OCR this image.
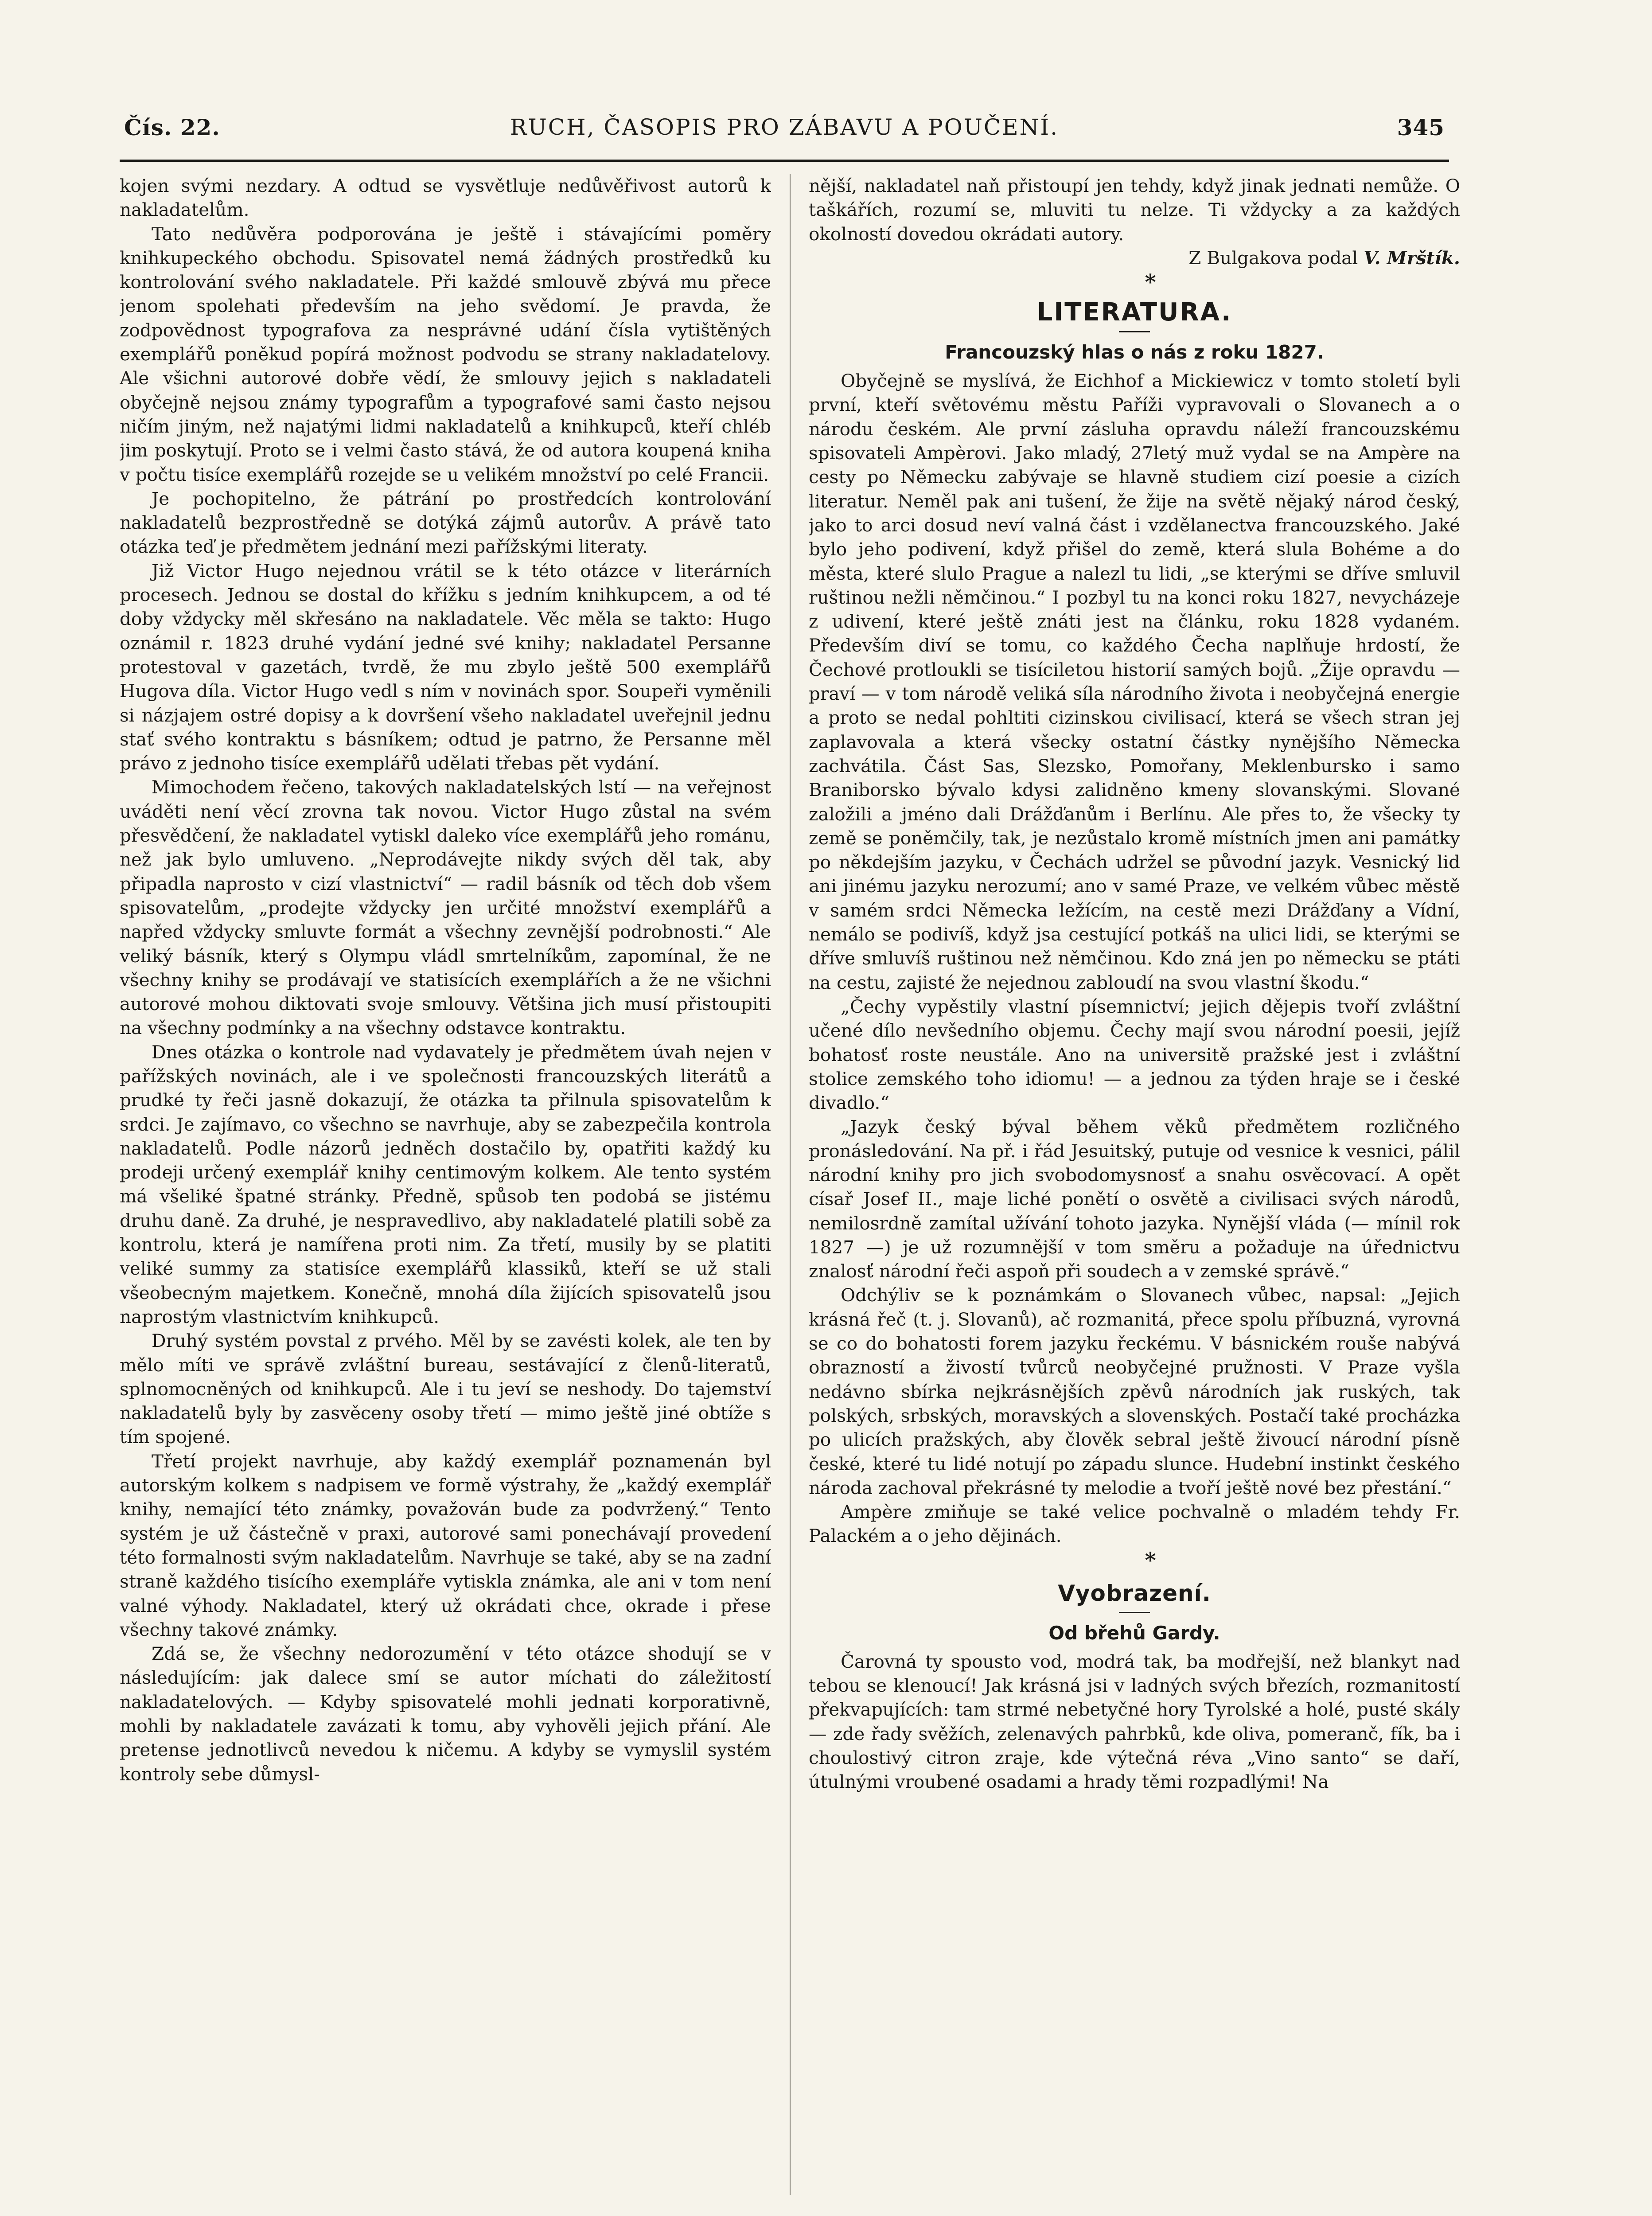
Čís. 22.	RUCH, ČASOPIS PRO ZÁBAVU A POUČENÍ.	345

kojen svými nezdary. A odtud se vysvětluje nedůvěřivost autorů k nakladatelům.

Tato nedůvěra podporována je ještě i stávajícími poměry knihkupeckého obchodu. Spisovatel nemá žádných prostředků ku kontrolování svého nakladatele. Při každé smlouvě zbývá mu přece jenom spolehati především na jeho svědomí. Je pravda, že zodpovědnost typografova za nesprávné udání čísla vytištěných exemplářů poněkud popírá možnost podvodu se strany nakladatelovy. Ale všichni autorové dobře vědí, že smlouvy jejich s nakladateli obyčejně nejsou známy typografům a typografové sami často nejsou ničím jiným, než najatými lidmi nakladatelů a knihkupců, kteří chléb jim poskytují. Proto se i velmi často stává, že od autora koupená kniha v počtu tisíce exemplářů rozejde se u velikém množství po celé Francii.

Je pochopitelno, že pátrání po prostředcích kontrolování nakladatelů bezprostředně se dotýká zájmů autorův. A právě tato otázka teď je předmětem jednání mezi pařížskými literaty.

Již Victor Hugo nejednou vrátil se k této otázce v literárních procesech. Jednou se dostal do křížku s jedním knihkupcem, a od té doby vždycky měl skřesáno na nakladatele. Věc měla se takto: Hugo oznámil r. 1823 druhé vydání jedné své knihy; nakladatel Persanne protestoval v gazetách, tvrdě, že mu zbylo ještě 500 exemplářů Hugova díla. Victor Hugo vedl s ním v novinách spor. Soupeři vyměnili si názjajem ostré dopisy a k dovršení všeho nakladatel uveřejnil jednu stať svého kontraktu s básníkem; odtud je patrno, že Persanne měl právo z jednoho tisíce exemplářů udělati třebas pět vydání.

Mimochodem řečeno, takových nakladatelských lstí — na veřejnost uváděti není věcí zrovna tak novou. Victor Hugo zůstal na svém přesvědčení, že nakladatel vytiskl daleko více exemplářů jeho románu, než jak bylo umluveno. „Neprodávejte nikdy svých děl tak, aby připadla naprosto v cizí vlastnictví“ — radil básník od těch dob všem spisovatelům, „prodejte vždycky jen určité množství exemplářů a napřed vždycky smluvte formát a všechny zevnější podrobnosti.“ Ale veliký básník, který s Olympu vládl smrtelníkům, zapomínal, že ne všechny knihy se prodávají ve statisících exemplářích a že ne všichni autorové mohou diktovati svoje smlouvy. Většina jich musí přistoupiti na všechny podmínky a na všechny odstavce kontraktu.

Dnes otázka o kontrole nad vydavately je předmětem úvah nejen v pařížských novinách, ale i ve společnosti francouzských literátů a prudké ty řeči jasně dokazují, že otázka ta přilnula spisovatelům k srdci. Je zajímavo, co všechno se navrhuje, aby se zabezpečila kontrola nakladatelů. Podle názorů jedněch dostačilo by, opatřiti každý ku prodeji určený exemplář knihy centimovým kolkem. Ale tento systém má všeliké špatné stránky. Předně, spůsob ten podobá se jistému druhu daně. Za druhé, je nespravedlivo, aby nakladatelé platili sobě za kontrolu, která je namířena proti nim. Za třetí, musily by se platiti veliké summy za statisíce exemplářů klassiků, kteří se už stali všeobecným majetkem. Konečně, mnohá díla žijících spisovatelů jsou naprostým vlastnictvím knihkupců.

Druhý systém povstal z prvého. Měl by se zavésti kolek, ale ten by mělo míti ve správě zvláštní bureau, sestávající z členů-literatů, splnomocněných od knihkupců. Ale i tu jeví se neshody. Do tajemství nakladatelů byly by zasvěceny osoby třetí — mimo ještě jiné obtíže s tím spojené.

Třetí projekt navrhuje, aby každý exemplář poznamenán byl autorským kolkem s nadpisem ve formě výstrahy, že „každý exemplář knihy, nemající této známky, považován bude za podvržený.“ Tento systém je už částečně v praxi, autorové sami ponechávají provedení této formalnosti svým nakladatelům. Navrhuje se také, aby se na zadní straně každého tisícího exempláře vytiskla známka, ale ani v tom není valné výhody. Nakladatel, který už okrádati chce, okrade i přese všechny takové známky.

Zdá se, že všechny nedorozumění v této otázce shodují se v následujícím: jak dalece smí se autor míchati do záležitostí nakladatelových. — Kdyby spisovatelé mohli jednati korporativně, mohli by nakladatele zavázati k tomu, aby vyhověli jejich přání. Ale pretense jednotlivců nevedou k ničemu. A kdyby se vymyslil systém kontroly sebe důmysl-

nější, nakladatel naň přistoupí jen tehdy, když jinak jednati nemůže. O taškářích, rozumí se, mluviti tu nelze. Ti vždycky a za každých okolností dovedou okrádati autory.

Z Bulgakova podal V. Mrštík.

*

LITERATURA.
Francouzský hlas o nás z roku 1827.

Obyčejně se myslívá, že Eichhof a Mickiewicz v tomto století byli první, kteří světovému městu Paříži vypravovali o Slovanech a o národu českém. Ale první zásluha opravdu náleží francouzskému spisovateli Ampèrovi. Jako mladý, 27letý muž vydal se na Ampère na cesty po Německu zabývaje se hlavně studiem cizí poesie a cizích literatur. Neměl pak ani tušení, že žije na světě nějaký národ český, jako to arci dosud neví valná část i vzdělanectva francouzského. Jaké bylo jeho podivení, když přišel do země, která slula Bohéme a do města, které slulo Prague a nalezl tu lidi, „se kterými se dříve smluvil ruštinou nežli němčinou.“ I pozbyl tu na konci roku 1827, nevycházeje z udivení, které ještě znáti jest na článku, roku 1828 vydaném. Především diví se tomu, co každého Čecha naplňuje hrdostí, že Čechové protloukli se tisíciletou historií samých bojů. „Žije opravdu — praví — v tom národě veliká síla národního života i neobyčejná energie a proto se nedal pohltiti cizinskou civilisací, která se všech stran jej zaplavovala a která všecky ostatní částky nynějšího Německa zachvátila. Část Sas, Slezsko, Pomořany, Meklenbursko i samo Braniborsko bývalo kdysi zalidněno kmeny slovanskými. Slované založili a jméno dali Drážďanům i Berlínu. Ale přes to, že všecky ty země se poněmčily, tak, je nezůstalo kromě místních jmen ani památky po někdejším jazyku, v Čechách udržel se původní jazyk. Vesnický lid ani jinému jazyku nerozumí; ano v samé Praze, ve velkém vůbec městě v samém srdci Německa ležícím, na cestě mezi Drážďany a Vídní, nemálo se podivíš, když jsa cestující potkáš na ulici lidi, se kterými se dříve smluvíš ruštinou než němčinou. Kdo zná jen po německu se ptáti na cestu, zajisté že nejednou zabloudí na svou vlastní škodu.“

„Čechy vypěstily vlastní písemnictví; jejich dějepis tvoří zvláštní učené dílo nevšedního objemu. Čechy mají svou národní poesii, jejíž bohatosť roste neustále. Ano na universitě pražské jest i zvláštní stolice zemského toho idiomu! — a jednou za týden hraje se i české divadlo.“

„Jazyk český býval během věků předmětem rozličného pronásledování. Na př. i řád Jesuitský, putuje od vesnice k vesnici, pálil národní knihy pro jich svobodomysnosť a snahu osvěcovací. A opět císař Josef II., maje liché ponětí o osvětě a civilisaci svých národů, nemilosrdně zamítal užívání tohoto jazyka. Nynější vláda (— mínil rok 1827 —) je už rozumnější v tom směru a požaduje na úřednictvu znalosť národní řeči aspoň při soudech a v zemské správě.“

Odchýliv se k poznámkám o Slovanech vůbec, napsal: „Jejich krásná řeč (t. j. Slovanů), ač rozmanitá, přece spolu příbuzná, vyrovná se co do bohatosti forem jazyku řeckému. V básnickém rouše nabývá obrazností a živostí tvůrců neobyčejné pružnosti. V Praze vyšla nedávno sbírka nejkrásnějších zpěvů národních jak ruských, tak polských, srbských, moravských a slovenských. Postačí také procházka po ulicích pražských, aby člověk sebral ještě živoucí národní písně české, které tu lidé notují po západu slunce. Hudební instinkt českého národa zachoval překrásné ty melodie a tvoří ještě nové bez přestání.“

Ampère zmiňuje se také velice pochvalně o mladém tehdy Fr. Palackém a o jeho dějinách.

*

Vyobrazení.
Od břehů Gardy.

Čarovná ty spousto vod, modrá tak, ba modřejší, než blankyt nad tebou se klenoucí! Jak krásná jsi v ladných svých březích, rozmanitostí překvapujících: tam strmé nebetyčné hory Tyrolské a holé, pusté skály — zde řady svěžích, zelenavých pahrbků, kde oliva, pomeranč, fík, ba i choulostivý citron zraje, kde výtečná réva „Vino santo“ se daří, útulnými vroubené osadami a hrady těmi rozpadlými! Na
